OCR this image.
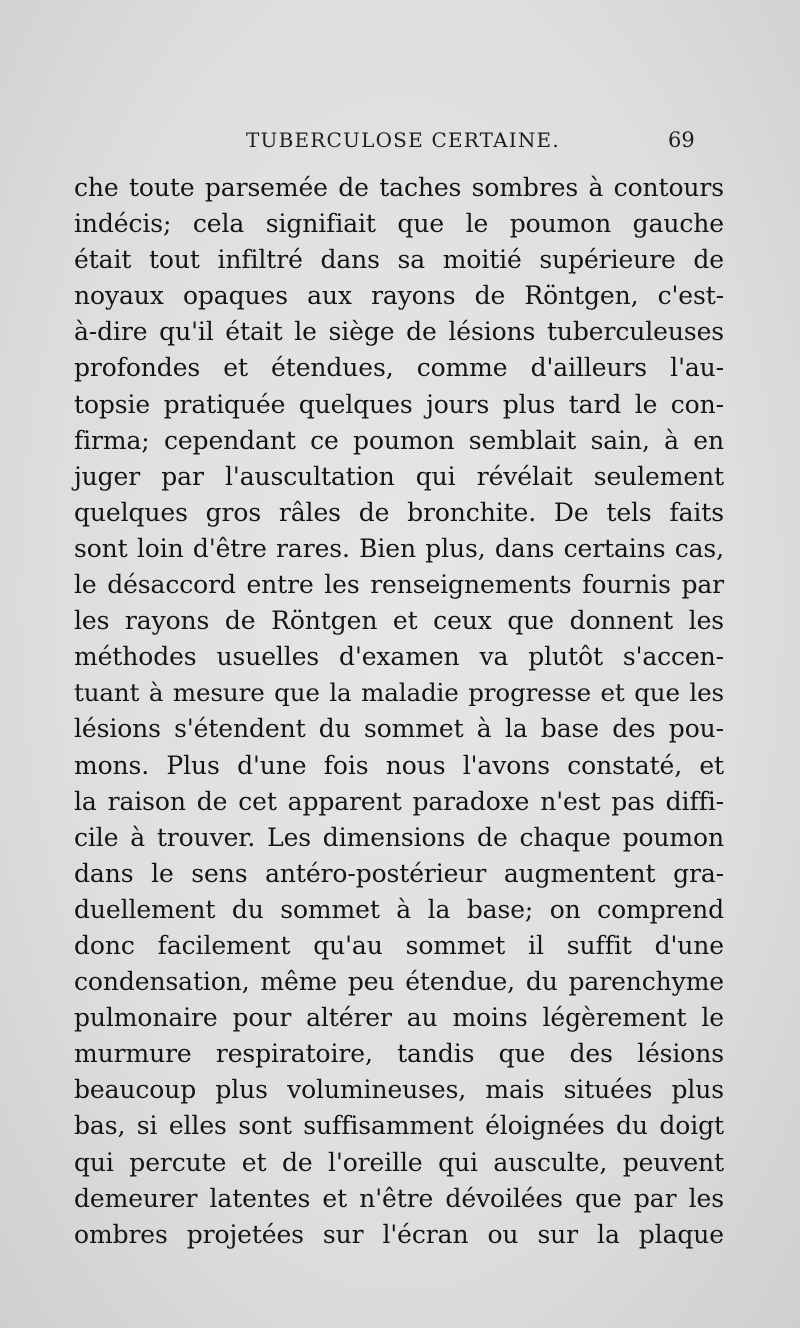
TUBERCULOSE CERTAINE.	69
che toute parsemée de taches sombres à contours
indécis; cela signifiait que le poumon gauche
était tout infiltré dans sa moitié supérieure de
noyaux opaques aux rayons de Röntgen, c'est-
à-dire qu'il était le siège de lésions tuberculeuses
profondes et étendues, comme d'ailleurs l'au-
topsie pratiquée quelques jours plus tard le con-
firma; cependant ce poumon semblait sain, à en
juger par l'auscultation qui révélait seulement
quelques gros râles de bronchite. De tels faits
sont loin d'être rares. Bien plus, dans certains cas,
le désaccord entre les renseignements fournis par
les rayons de Röntgen et ceux que donnent les
méthodes usuelles d'examen va plutôt s'accen-
tuant à mesure que la maladie progresse et que les
lésions s'étendent du sommet à la base des pou-
mons. Plus d'une fois nous l'avons constaté, et
la raison de cet apparent paradoxe n'est pas diffi-
cile à trouver. Les dimensions de chaque poumon
dans le sens antéro-postérieur augmentent gra-
duellement du sommet à la base; on comprend
donc facilement qu'au sommet il suffit d'une
condensation, même peu étendue, du parenchyme
pulmonaire pour altérer au moins légèrement le
murmure respiratoire, tandis que des lésions
beaucoup plus volumineuses, mais situées plus
bas, si elles sont suffisamment éloignées du doigt
qui percute et de l'oreille qui ausculte, peuvent
demeurer latentes et n'être dévoilées que par les
ombres projetées sur l'écran ou sur la plaque
